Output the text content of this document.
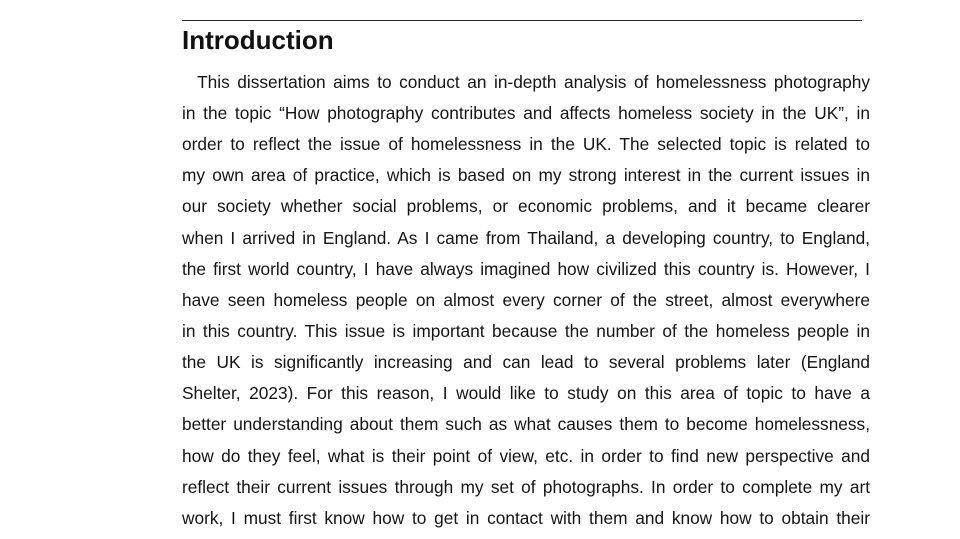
Introduction

This dissertation aims to conduct an in-depth analysis of homelessness photography

in the topic “How photography contributes and affects homeless society in the UK”, in

order to reflect the issue of homelessness in the UK. The selected topic is related to

my own area of practice, which is based on my strong interest in the current issues in

our society whether social problems, or economic problems, and it became clearer

when I arrived in England. As I came from Thailand, a developing country, to England,

the first world country, I have always imagined how civilized this country is. However, I

have seen homeless people on almost every corner of the street, almost everywhere

in this country. This issue is important because the number of the homeless people in

the UK is significantly increasing and can lead to several problems later (England

Shelter, 2023). For this reason, I would like to study on this area of topic to have a

better understanding about them such as what causes them to become homelessness,

how do they feel, what is their point of view, etc. in order to find new perspective and

reflect their current issues through my set of photographs. In order to complete my art

work, I must first know how to get in contact with them and know how to obtain their
